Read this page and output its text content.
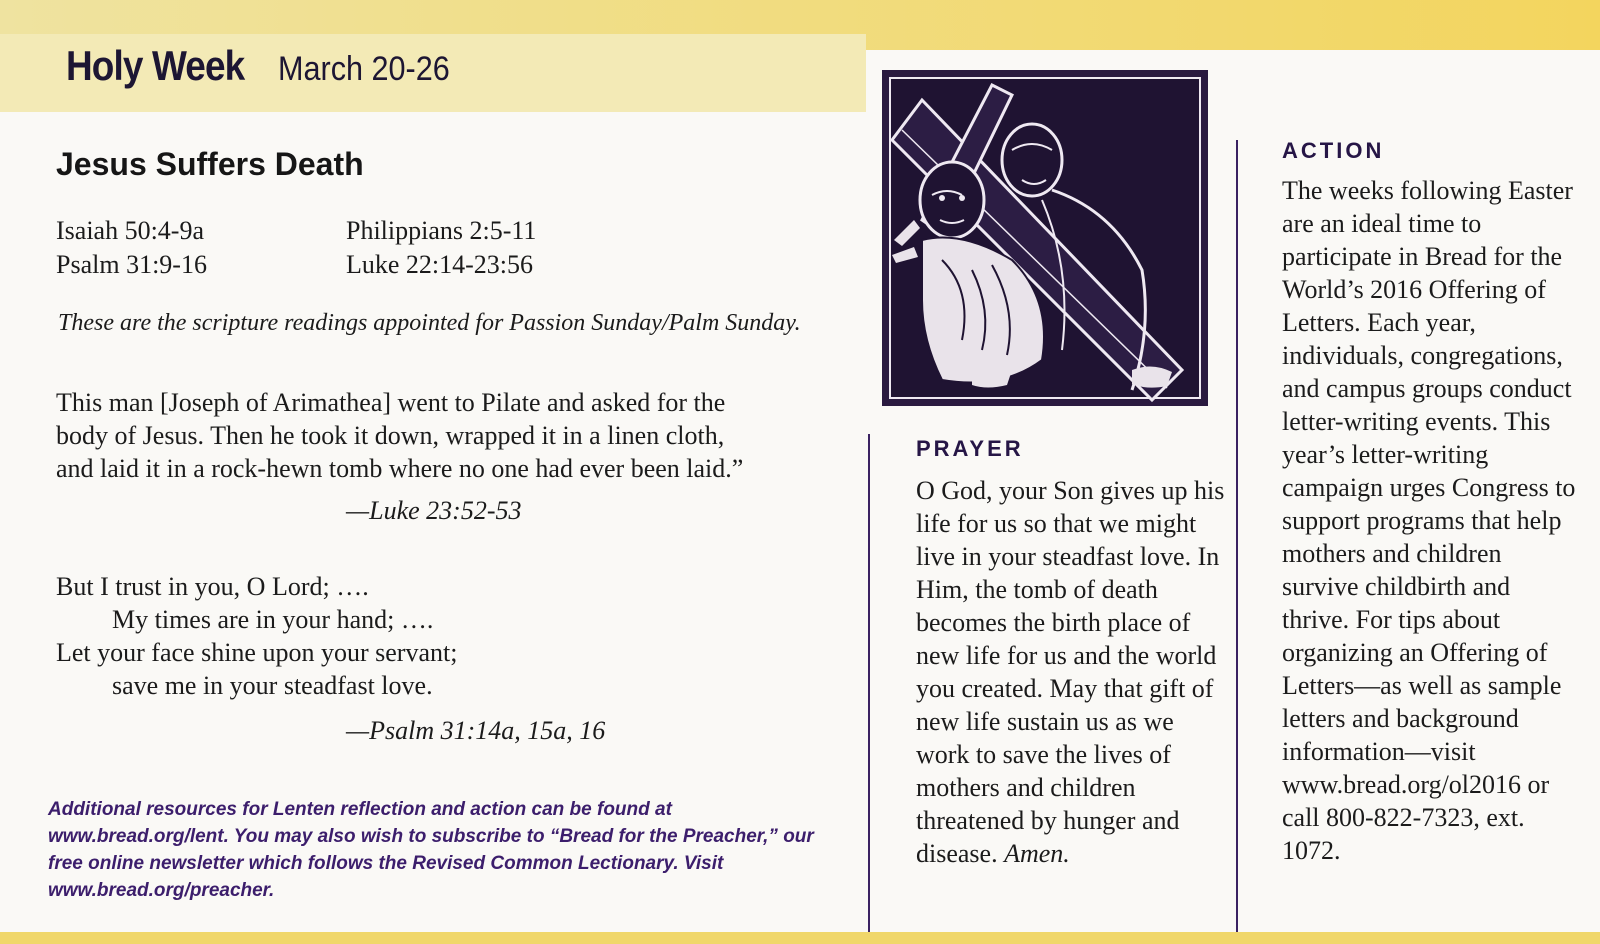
Holy Week March 20-26
Jesus Suffers Death
Isaiah 50:4-9a
Psalm 31:9-16
Philippians 2:5-11
Luke 22:14-23:56
These are the scripture readings appointed for Passion Sunday/Palm Sunday.
This man [Joseph of Arimathea] went to Pilate and asked for the
body of Jesus. Then he took it down, wrapped it in a linen cloth,
and laid it in a rock-hewn tomb where no one had ever been laid.”
—Luke 23:52-53
But I trust in you, O Lord; ….
My times are in your hand; ….
Let your face shine upon your servant;
save me in your steadfast love.
—Psalm 31:14a, 15a, 16
Additional resources for Lenten reflection and action can be found at www.bread.org/lent. You may also wish to subscribe to “Bread for the Preacher,” our free online newsletter which follows the Revised Common Lectionary. Visit www.bread.org/preacher.
PRAYER
O God, your Son gives up his life for us so that we might live in your steadfast love. In Him, the tomb of death becomes the birth place of new life for us and the world you created. May that gift of new life sustain us as we work to save the lives of mothers and children threatened by hunger and disease. Amen.
ACTION
The weeks following Easter are an ideal time to participate in Bread for the World’s 2016 Offering of Letters. Each year, individuals, congregations, and campus groups conduct letter-writing events. This year’s letter-writing campaign urges Congress to support programs that help mothers and children survive childbirth and thrive. For tips about organizing an Offering of Letters—as well as sample letters and background information—visit www.bread.org/ol2016 or call 800-822-7323, ext. 1072.
